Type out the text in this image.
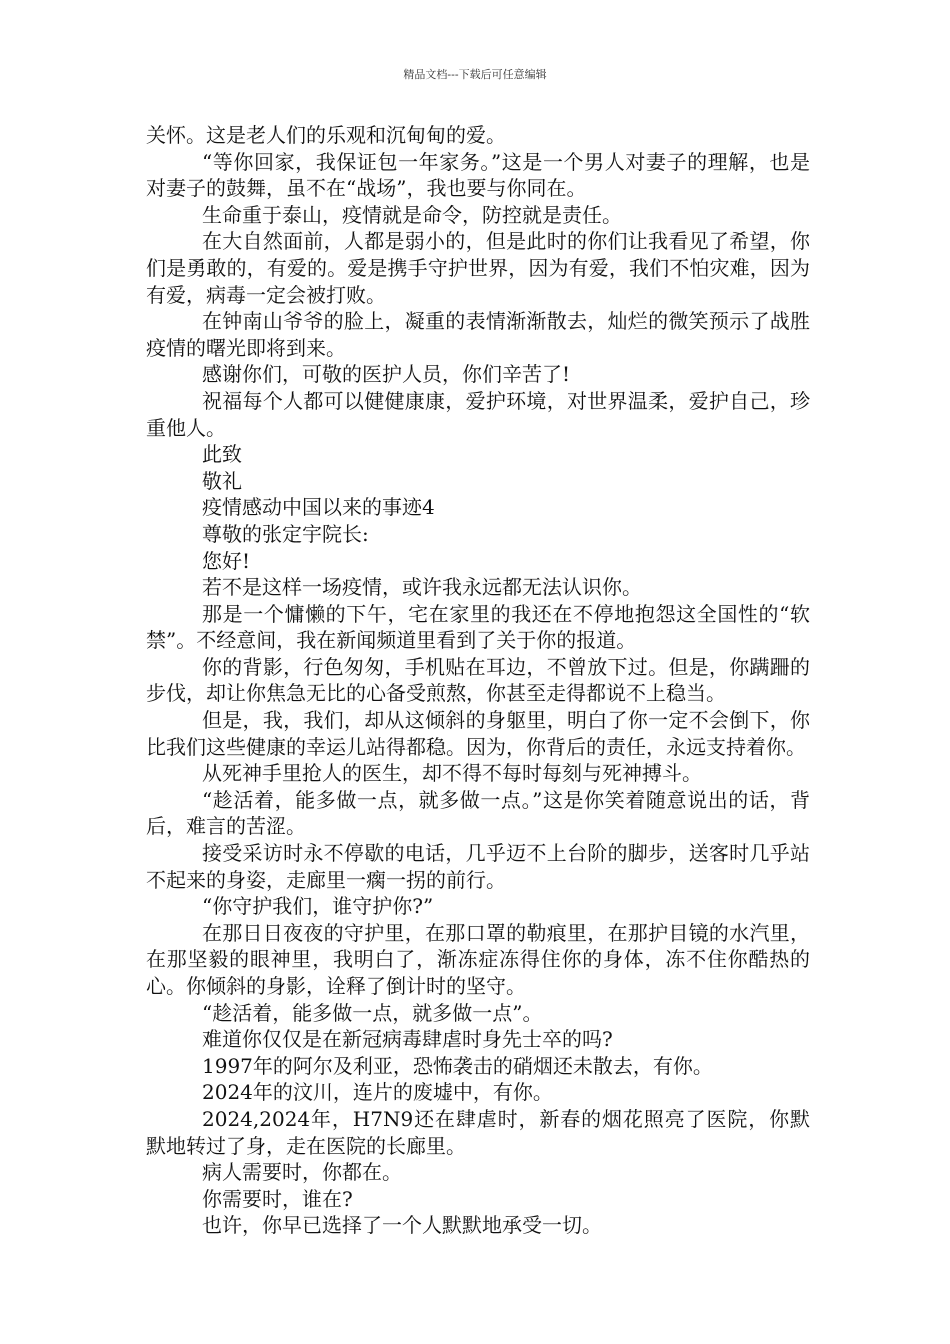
精品文档---下载后可任意编辑

关怀。这是老人们的乐观和沉甸甸的爱。

“等你回家，我保证包一年家务。”这是一个男人对妻子的理解，也是对妻子的鼓舞，虽不在“战场”，我也要与你同在。

生命重于泰山，疫情就是命令，防控就是责任。

在大自然面前，人都是弱小的，但是此时的你们让我看见了希望，你们是勇敢的，有爱的。爱是携手守护世界，因为有爱，我们不怕灾难，因为有爱，病毒一定会被打败。

在钟南山爷爷的脸上，凝重的表情渐渐散去，灿烂的微笑预示了战胜疫情的曙光即将到来。

感谢你们，可敬的医护人员，你们辛苦了!

祝福每个人都可以健健康康，爱护环境，对世界温柔，爱护自己，珍重他人。

此致

敬礼

疫情感动中国以来的事迹4

尊敬的张定宇院长:

您好!

若不是这样一场疫情，或许我永远都无法认识你。

那是一个慵懒的下午，宅在家里的我还在不停地抱怨这全国性的“软禁”。不经意间，我在新闻频道里看到了关于你的报道。

你的背影，行色匆匆，手机贴在耳边，不曾放下过。但是，你蹒跚的步伐，却让你焦急无比的心备受煎熬，你甚至走得都说不上稳当。

但是，我，我们，却从这倾斜的身躯里，明白了你一定不会倒下，你比我们这些健康的幸运儿站得都稳。因为，你背后的责任，永远支持着你。

从死神手里抢人的医生，却不得不每时每刻与死神搏斗。

“趁活着，能多做一点，就多做一点。”这是你笑着随意说出的话，背后，难言的苦涩。

接受采访时永不停歇的电话，几乎迈不上台阶的脚步，送客时几乎站不起来的身姿，走廊里一瘸一拐的前行。

“你守护我们，谁守护你?”

在那日日夜夜的守护里，在那口罩的勒痕里，在那护目镜的水汽里，在那坚毅的眼神里，我明白了，渐冻症冻得住你的身体，冻不住你酷热的心。你倾斜的身影，诠释了倒计时的坚守。

“趁活着，能多做一点，就多做一点”。

难道你仅仅是在新冠病毒肆虐时身先士卒的吗?

1997年的阿尔及利亚，恐怖袭击的硝烟还未散去，有你。

2024年的汶川，连片的废墟中，有你。

2024,2024年，H7N9还在肆虐时，新春的烟花照亮了医院，你默默地转过了身，走在医院的长廊里。

病人需要时，你都在。

你需要时，谁在?

也许，你早已选择了一个人默默地承受一切。
